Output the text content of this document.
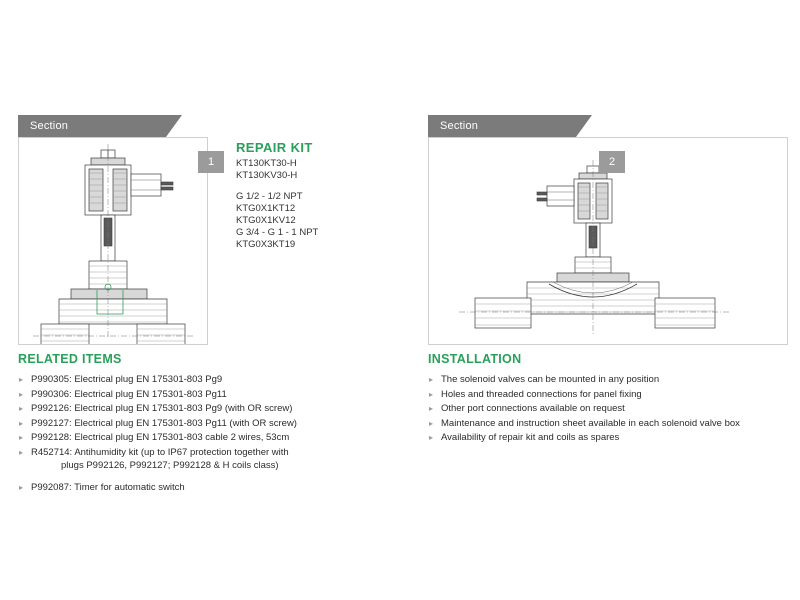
Section
1
REPAIR KIT
KT130KT30-H
KT130KV30-H
G 1/2 - 1/2 NPT
KTG0X1KT12
KTG0X1KV12
G 3/4 - G 1 - 1 NPT
KTG0X3KT19
Section
2
RELATED ITEMS
▸ P990305: Electrical plug EN 175301-803 Pg9
▸ P990306: Electrical plug EN 175301-803 Pg11
▸ P992126: Electrical plug EN 175301-803 Pg9 (with OR screw)
▸ P992127: Electrical plug EN 175301-803 Pg11 (with OR screw)
▸ P992128: Electrical plug EN 175301-803 cable 2 wires, 53cm
▸ R452714: Antihumidity kit (up to IP67 protection together with
plugs P992126, P992127; P992128 & H coils class)
▸ P992087: Timer for automatic switch
INSTALLATION
▸ The solenoid valves can be mounted in any position
▸ Holes and threaded connections for panel fixing
▸ Other port connections available on request
▸ Maintenance and instruction sheet available in each solenoid valve box
▸ Availability of repair kit and coils as spares
